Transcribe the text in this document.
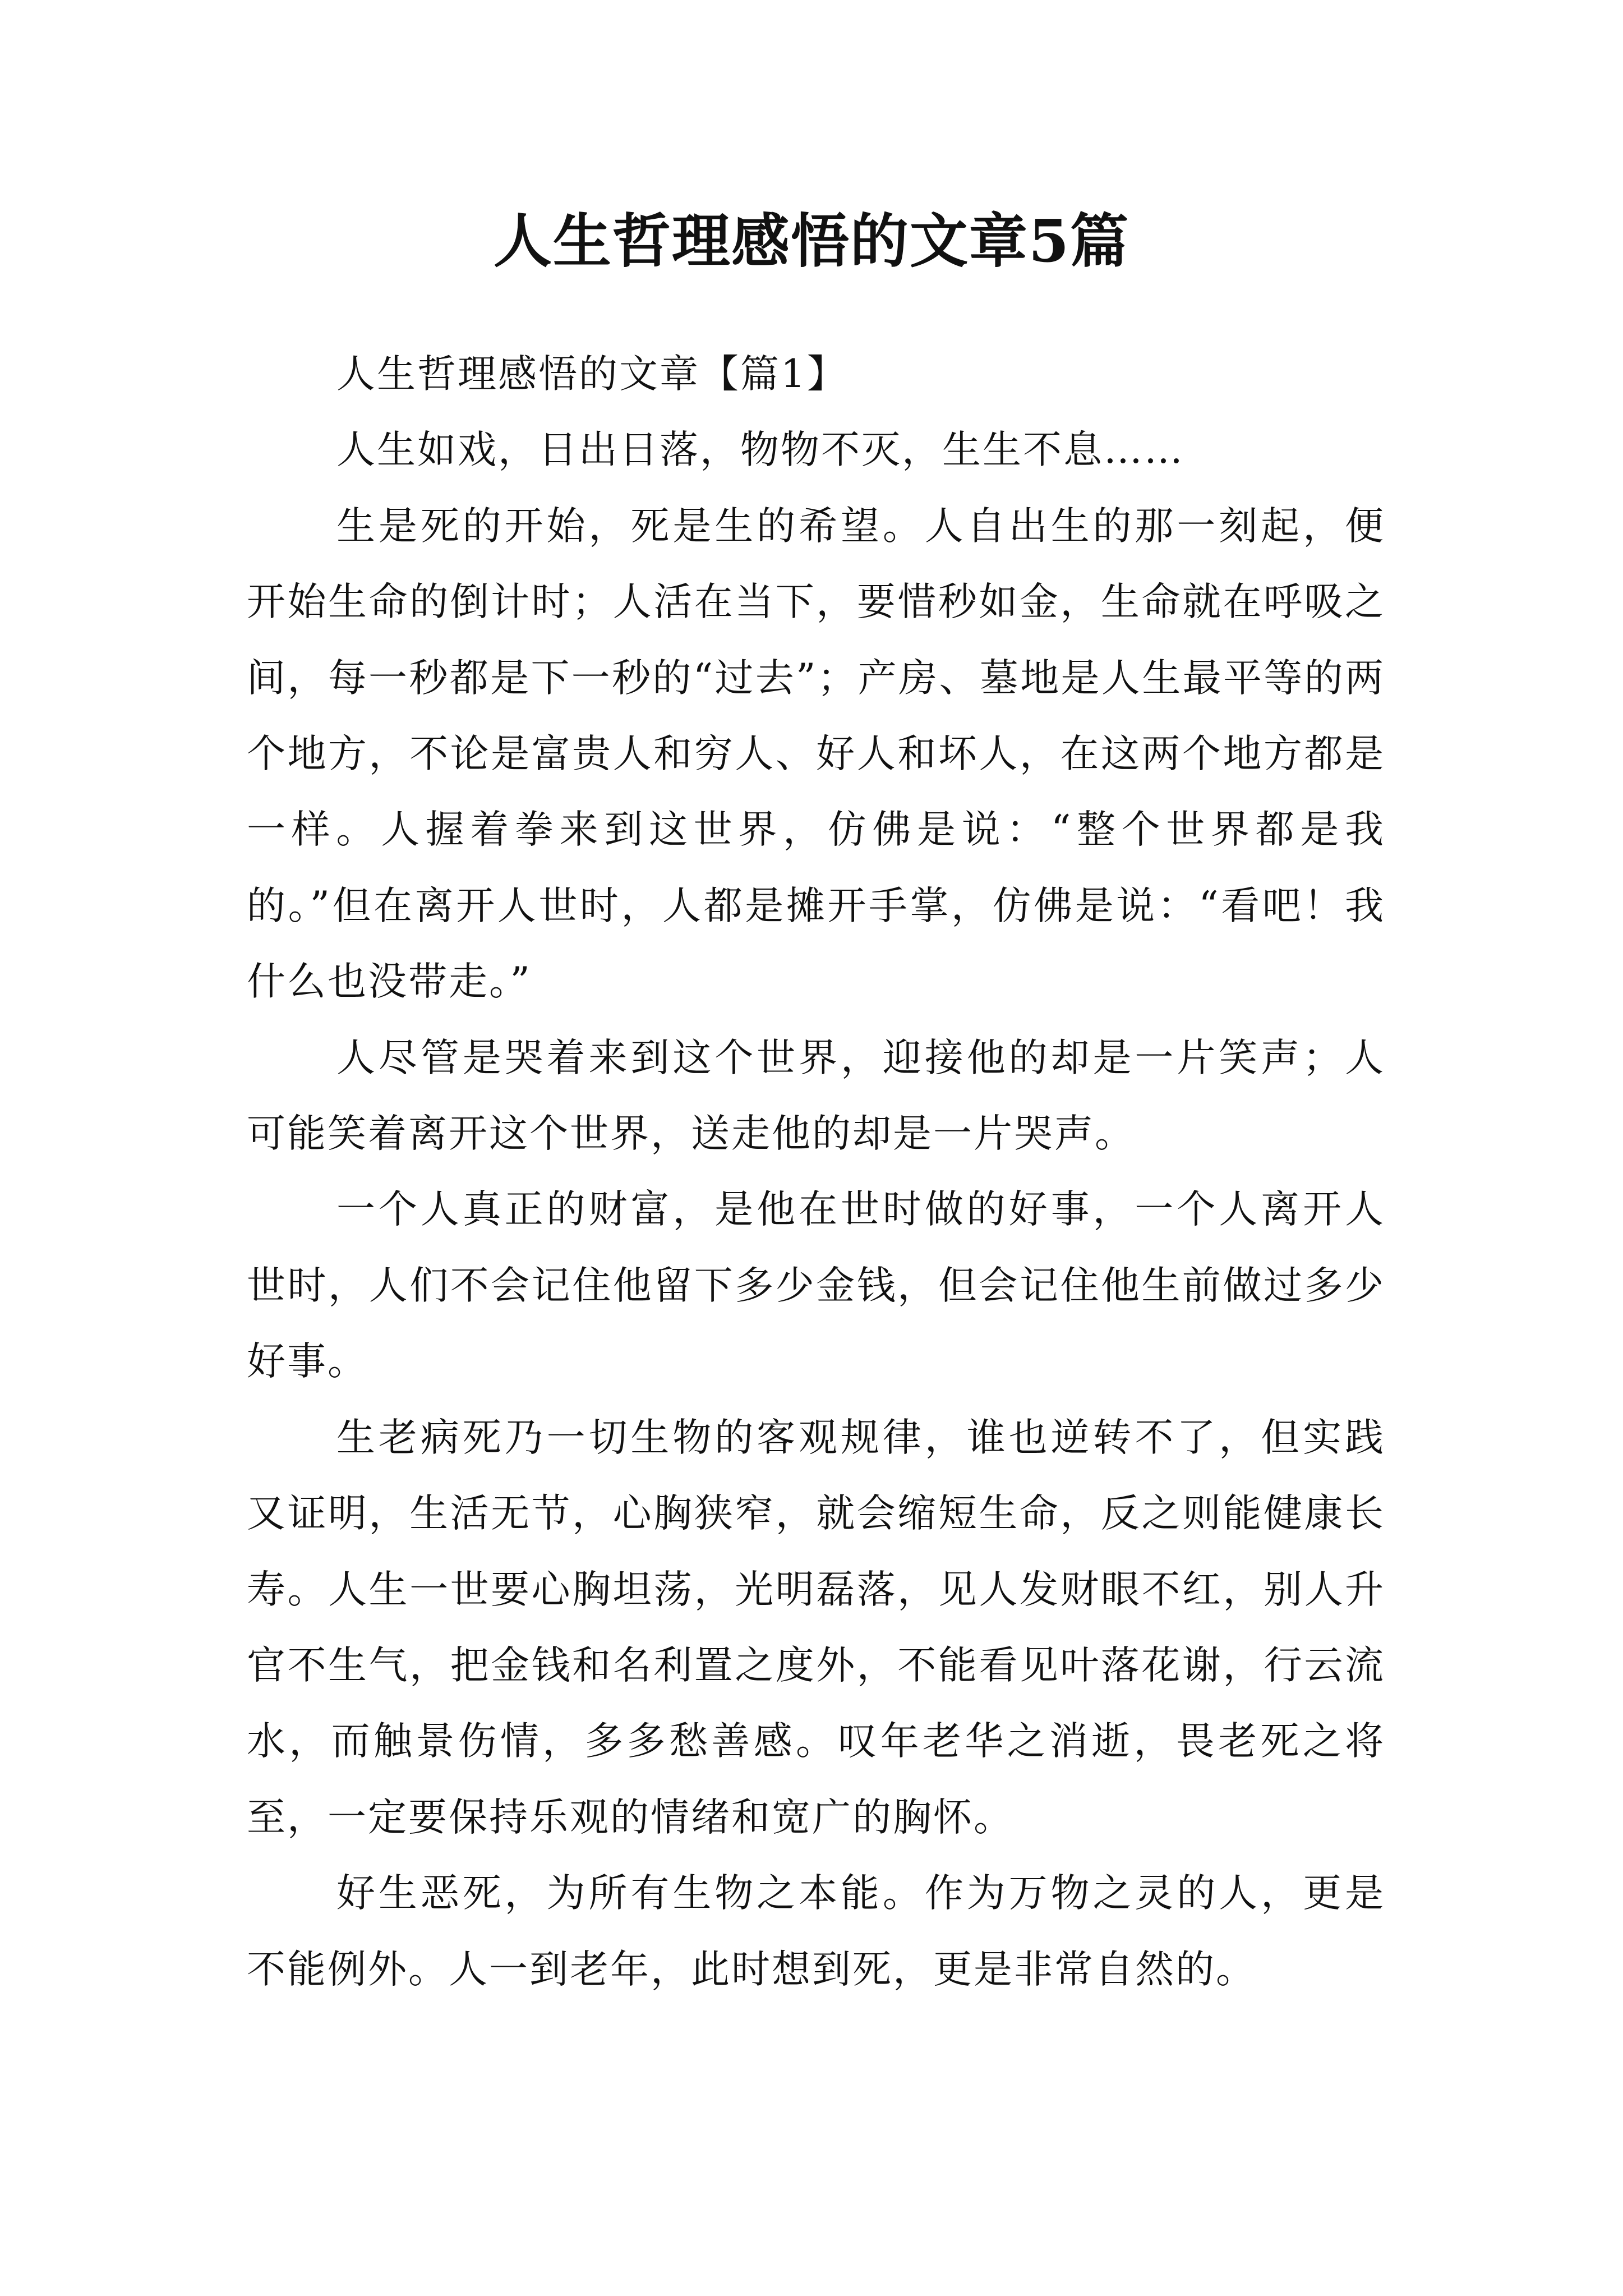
人生哲理感悟的文章5篇

人生哲理感悟的文章【篇1】

人生如戏，日出日落，物物不灭，生生不息……

生是死的开始，死是生的希望。人自出生的那一刻起，便开始生命的倒计时；人活在当下，要惜秒如金，生命就在呼吸之间，每一秒都是下一秒的“过去”；产房、墓地是人生最平等的两个地方，不论是富贵人和穷人、好人和坏人，在这两个地方都是一样。人握着拳来到这世界，仿佛是说：“整个世界都是我的。”但在离开人世时，人都是摊开手掌，仿佛是说：“看吧！我什么也没带走。”

人尽管是哭着来到这个世界，迎接他的却是一片笑声；人可能笑着离开这个世界，送走他的却是一片哭声。

一个人真正的财富，是他在世时做的好事，一个人离开人世时，人们不会记住他留下多少金钱，但会记住他生前做过多少好事。

生老病死乃一切生物的客观规律，谁也逆转不了，但实践又证明，生活无节，心胸狭窄，就会缩短生命，反之则能健康长寿。人生一世要心胸坦荡，光明磊落，见人发财眼不红，别人升官不生气，把金钱和名利置之度外，不能看见叶落花谢，行云流水，而触景伤情，多多愁善感。叹年老华之消逝，畏老死之将至，一定要保持乐观的情绪和宽广的胸怀。

好生恶死，为所有生物之本能。作为万物之灵的人，更是不能例外。人一到老年，此时想到死，更是非常自然的。
